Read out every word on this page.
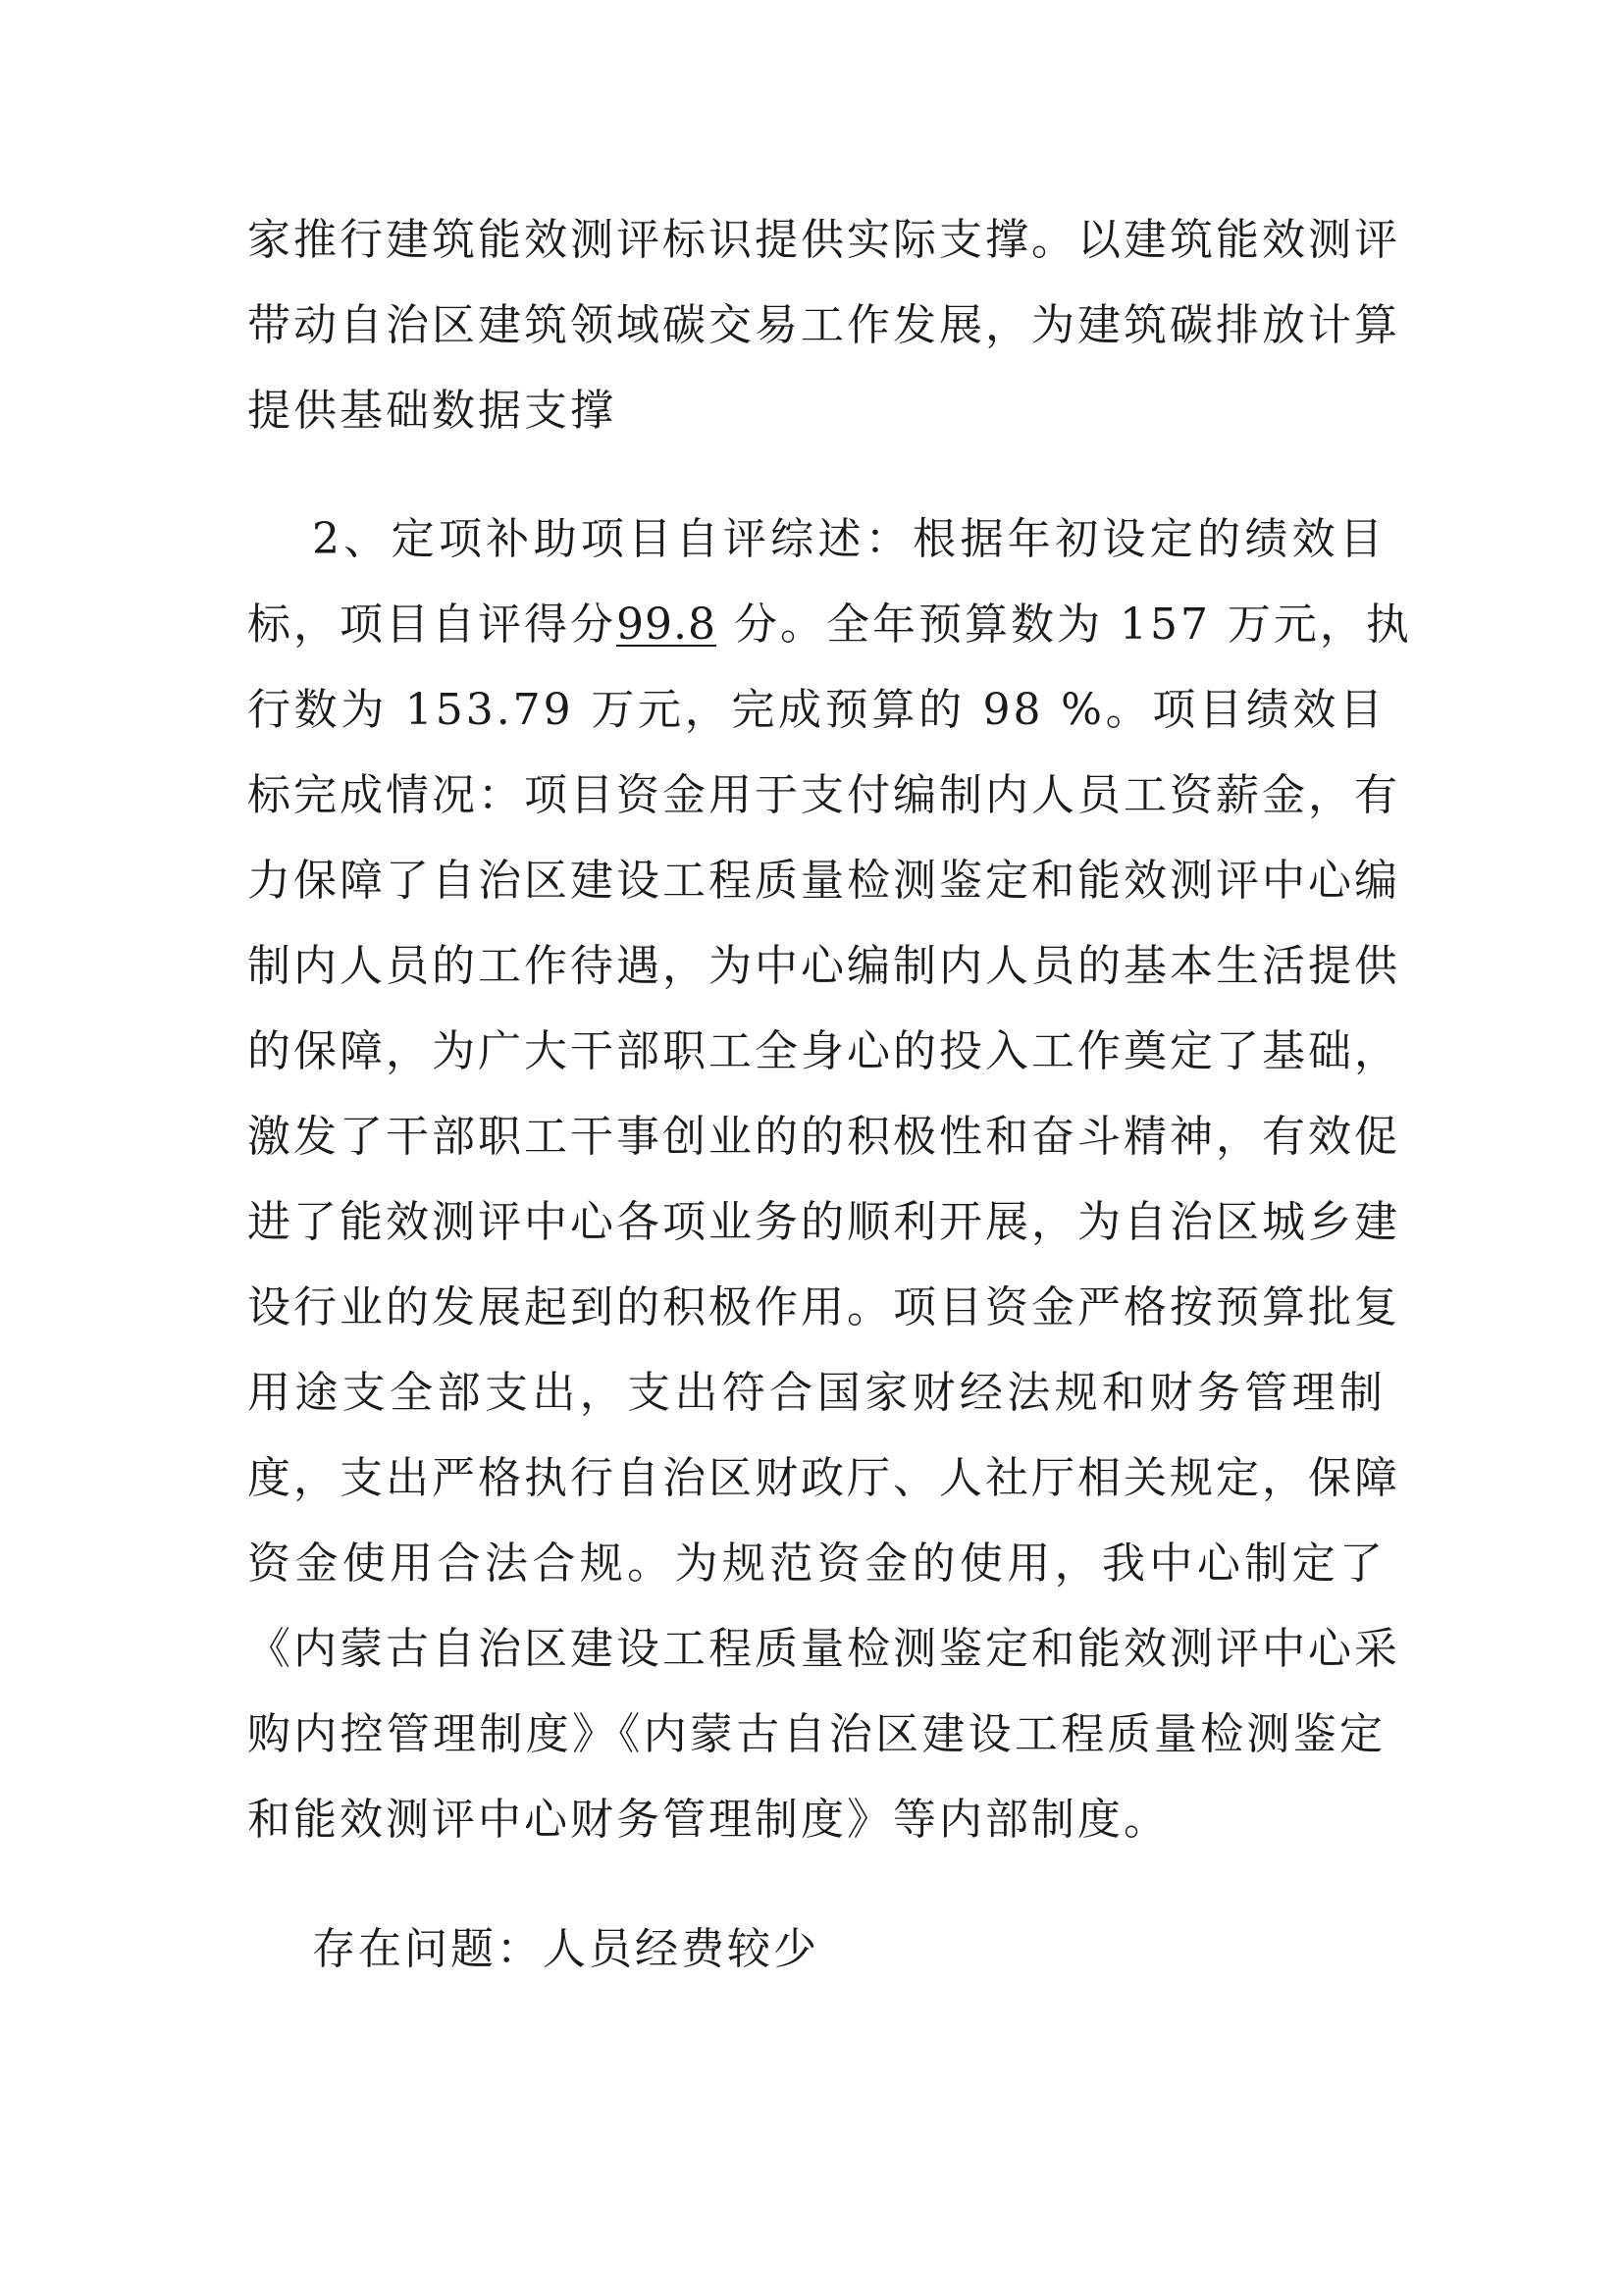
家推行建筑能效测评标识提供实际支撑。以建筑能效测评
带动自治区建筑领域碳交易工作发展，为建筑碳排放计算
提供基础数据支撑
2、定项补助项目自评综述：根据年初设定的绩效目
标，项目自评得分99.8 分。全年预算数为 157 万元，执
行数为 153.79 万元，完成预算的 98 %。项目绩效目
标完成情况：项目资金用于支付编制内人员工资薪金，有
力保障了自治区建设工程质量检测鉴定和能效测评中心编
制内人员的工作待遇，为中心编制内人员的基本生活提供
的保障，为广大干部职工全身心的投入工作奠定了基础，
激发了干部职工干事创业的的积极性和奋斗精神，有效促
进了能效测评中心各项业务的顺利开展，为自治区城乡建
设行业的发展起到的积极作用。项目资金严格按预算批复
用途支全部支出，支出符合国家财经法规和财务管理制
度，支出严格执行自治区财政厅、人社厅相关规定，保障
资金使用合法合规。为规范资金的使用，我中心制定了
《内蒙古自治区建设工程质量检测鉴定和能效测评中心采
购内控管理制度》《内蒙古自治区建设工程质量检测鉴定
和能效测评中心财务管理制度》等内部制度。
存在问题：人员经费较少
